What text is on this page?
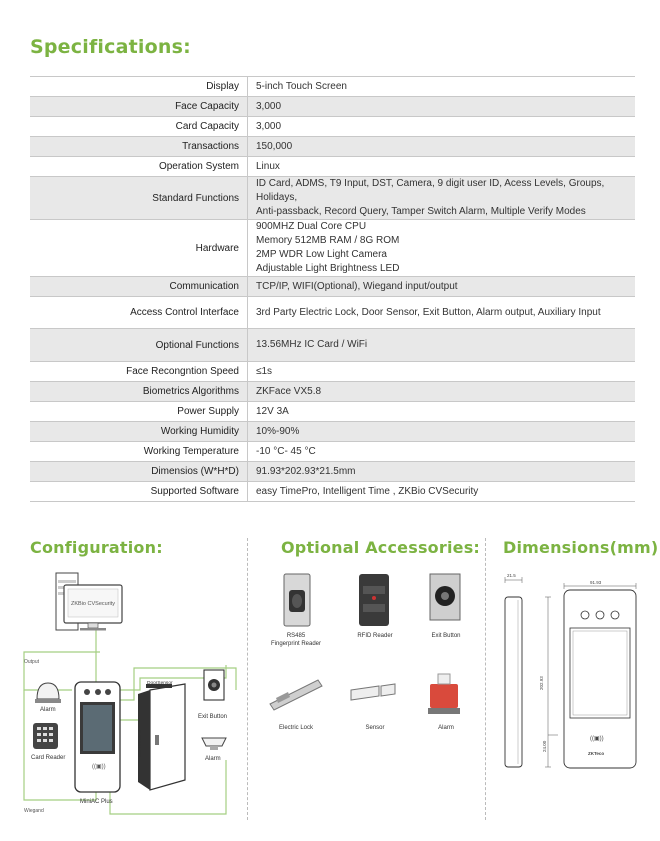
Specifications:
Display	5-inch Touch Screen

Face Capacity	3,000

Card Capacity	3,000

Transactions	150,000

Operation System	Linux

Standard Functions	ID Card, ADMS, T9 Input, DST, Camera, 9 digit user ID, Acess Levels, Groups, Holidays,
Anti-passback, Record Query, Tamper Switch Alarm, Multiple Verify Modes

Hardware	900MHZ Dual Core CPU
Memory 512MB RAM / 8G ROM
2MP WDR Low Light Camera
Adjustable Light Brightness LED

Communication	TCP/IP, WIFI(Optional), Wiegand input/output

Access Control Interface	3rd Party Electric Lock, Door Sensor, Exit Button, Alarm output, Auxiliary Input

Optional Functions	13.56MHz IC Card / WiFi

Face Recongntion Speed	≤1s

Biometrics Algorithms	ZKFace VX5.8

Power Supply	12V 3A

Working Humidity	10%-90%

Working Temperature	-10 °C- 45 °C

Dimensios (W*H*D)	91.93*202.93*21.5mm

Supported Software	easy TimePro, Intelligent Time , ZKBio CVSecurity
Configuration:	Optional Accessories: Dimensions(mm)
ZKBio CVSecurity
Output
Alarm
Card Reader
((▣))
MiniAC Plus
DoorSensor
Electric Lock
Exit Button
Alarm
Wiegand
RS485
Fingerprint Reader
RFID Reader	Exit Button
Electric Lock	Sensor	Alarm
21.5
91.93
202.93
24.00
((▣))
ZKTeco
